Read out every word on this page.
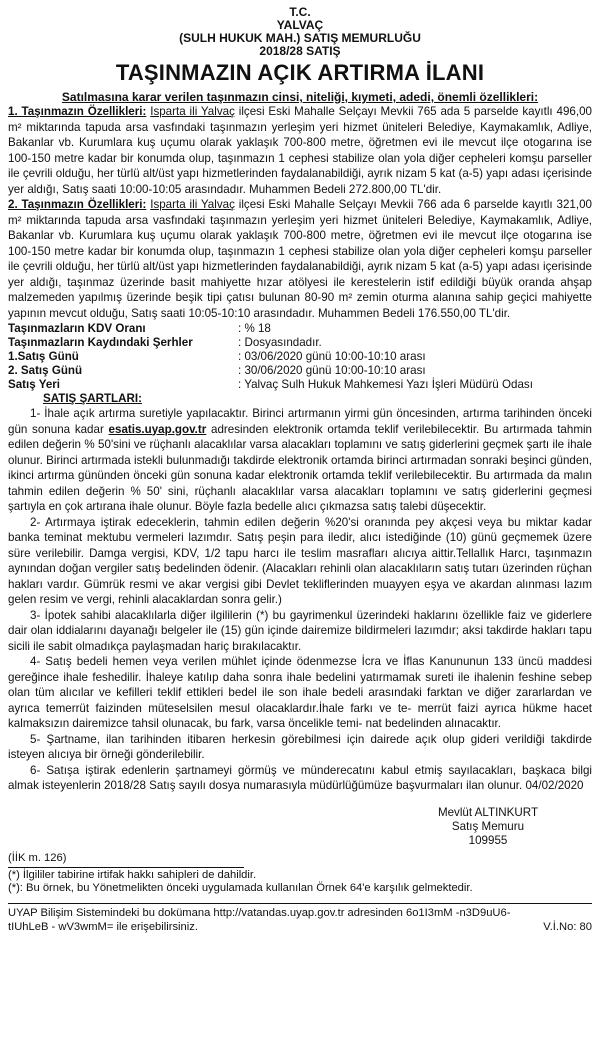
T.C.
YALVAÇ
(SULH HUKUK MAH.) SATIŞ MEMURLUĞU
2018/28 SATIŞ
TAŞINMAZIN AÇIK ARTIRMA İLANI
Satılmasına karar verilen taşınmazın cinsi, niteliği, kıymeti, adedi, önemli özellikleri:

1. Taşınmazın Özellikleri: Isparta ili Yalvaç ilçesi Eski Mahalle Selçayı Mevkii 765 ada 5 parselde kayıtlı 496,00 m² miktarında tapuda arsa vasfındaki taşınmazın yerleşim yeri hizmet üniteleri Belediye, Kaymakamlık, Adliye, Bakanlar vb. Kurumlara kuş uçumu olarak yaklaşık 700-800 metre, öğretmen evi ile mevcut ilçe otogarına ise 100-150 metre kadar bir konumda olup, taşınmazın 1 cephesi stabilize olan yola diğer cepheleri komşu parseller ile çevrili olduğu, her türlü alt/üst yapı hizmetlerinden faydalanabildiği, ayrık nizam 5 kat (a-5) yapı adası içerisinde yer aldığı, Satış saati 10:00-10:05 arasındadır. Muhammen Bedeli 272.800,00 TL'dir.

2. Taşınmazın Özellikleri: Isparta ili Yalvaç ilçesi Eski Mahalle Selçayı Mevkii 766 ada 6 parselde kayıtlı 321,00 m² miktarında tapuda arsa vasfındaki taşınmazın yerleşim yeri hizmet üniteleri Belediye, Kaymakamlık, Adliye, Bakanlar vb. Kurumlara kuş uçumu olarak yaklaşık 700-800 metre, öğretmen evi ile mevcut ilçe otogarına ise 100-150 metre kadar bir konumda olup, taşınmazın 1 cephesi stabilize olan yola diğer cepheleri komşu parseller ile çevrili olduğu, her türlü alt/üst yapı hizmetlerinden faydalanabildiği, ayrık nizam 5 kat (a-5) yapı adası içerisinde yer aldığı, taşınmaz üzerinde basit mahiyette hızar atölyesi ile kerestelerin istif edildiği büyük oranda ahşap malzemeden yapılmış üzerinde beşik tipi çatısı bulunan 80-90 m² zemin oturma alanına sahip geçici mahiyette yapının mevcut olduğu, Satış saati 10:05-10:10 arasındadır. Muhammen Bedeli 176.550,00 TL'dir.

Taşınmazların KDV Oranı	: % 18
Taşınmazların Kaydındaki Şerhler	: Dosyasındadır.
1.Satış Günü	: 03/06/2020 günü 10:00-10:10 arası
2. Satış Günü	: 30/06/2020 günü 10:00-10:10 arası
Satış Yeri	: Yalvaç Sulh Hukuk Mahkemesi Yazı İşleri Müdürü Odası
SATIŞ ŞARTLARI:

1- İhale açık artırma suretiyle yapılacaktır. Birinci artırmanın yirmi gün öncesinden, artırma tarihinden önceki gün sonuna kadar esatis.uyap.gov.tr adresinden elektronik ortamda teklif verilebilecektir. Bu artırmada tahmin edilen değerin % 50'sini ve rüçhanlı alacaklılar varsa alacakları toplamını ve satış giderlerini geçmek şartı ile ihale olunur. Birinci artırmada istekli bulunmadığı takdirde elektronik ortamda birinci artırmadan sonraki beşinci günden, ikinci artırma gününden önceki gün sonuna kadar elektronik ortamda teklif verilebilecektir. Bu artırmada da malın tahmin edilen değerin % 50' sini, rüçhanlı alacaklılar varsa alacakları toplamını ve satış giderlerini geçmesi şartıyla en çok artırana ihale olunur. Böyle fazla bedelle alıcı çıkmazsa satış talebi düşecektir.

2- Artırmaya iştirak edeceklerin, tahmin edilen değerin %20'si oranında pey akçesi veya bu miktar kadar banka teminat mektubu vermeleri lazımdır. Satış peşin para iledir, alıcı istediğinde (10) günü geçmemek üzere süre verilebilir. Damga vergisi, KDV, 1/2 tapu harcı ile teslim masrafları alıcıya aittir.Tellallık Harcı, taşınmazın aynından doğan vergiler satış bedelinden ödenir. (Alacakları rehinli olan alacaklıların satış tutarı üzerinden rüçhan hakları vardır. Gümrük resmi ve akar vergisi gibi Devlet tekliflerinden muayyen eşya ve akardan alınması lazım gelen resim ve vergi, rehinli alacaklardan sonra gelir.)

3- İpotek sahibi alacaklılarla diğer ilgililerin (*) bu gayrimenkul üzerindeki haklarını özellikle faiz ve giderlere dair olan iddialarını dayanağı belgeler ile (15) gün içinde dairemize bildirmeleri lazımdır; aksi takdirde hakları tapu sicili ile sabit olmadıkça paylaşmadan hariç bırakılacaktır.

4- Satış bedeli hemen veya verilen mühlet içinde ödenmezse İcra ve İflas Kanununun 133 üncü maddesi gereğince ihale feshedilir. İhaleye katılıp daha sonra ihale bedelini yatırmamak sureti ile ihalenin feshine sebep olan tüm alıcılar ve kefilleri teklif ettikleri bedel ile son ihale bedeli arasındaki farktan ve diğer zararlardan ve ayrıca temerrüt faizinden müteselsilen mesul olacaklardır.İhale farkı ve te- merrüt faizi ayrıca hükme hacet kalmaksızın dairemizce tahsil olunacak, bu fark, varsa öncelikle temi- nat bedelinden alınacaktır.

5- Şartname, ilan tarihinden itibaren herkesin görebilmesi için dairede açık olup gideri verildiği takdirde isteyen alıcıya bir örneği gönderilebilir.

6- Satışa iştirak edenlerin şartnameyi görmüş ve münderecatını kabul etmiş sayılacakları, başkaca bilgi almak isteyenlerin 2018/28 Satış sayılı dosya numarasıyla müdürlüğümüze başvurmaları ilan olunur. 04/02/2020

Mevlüt ALTINKURT
Satış Memuru
109955
(İİK m. 126)
(*) İlgililer tabirine irtifak hakkı sahipleri de dahildir.
(*): Bu örnek, bu Yönetmelikten önceki uygulamada kullanılan Örnek 64'e karşılık gelmektedir.
UYAP Bilişim Sistemindeki bu dokümana http://vatandas.uyap.gov.tr adresinden 6o1I3mM -n3D9uU6-
tIUhLeB - wV3wmM= ile erişebilirsiniz.	V.İ.No: 80
